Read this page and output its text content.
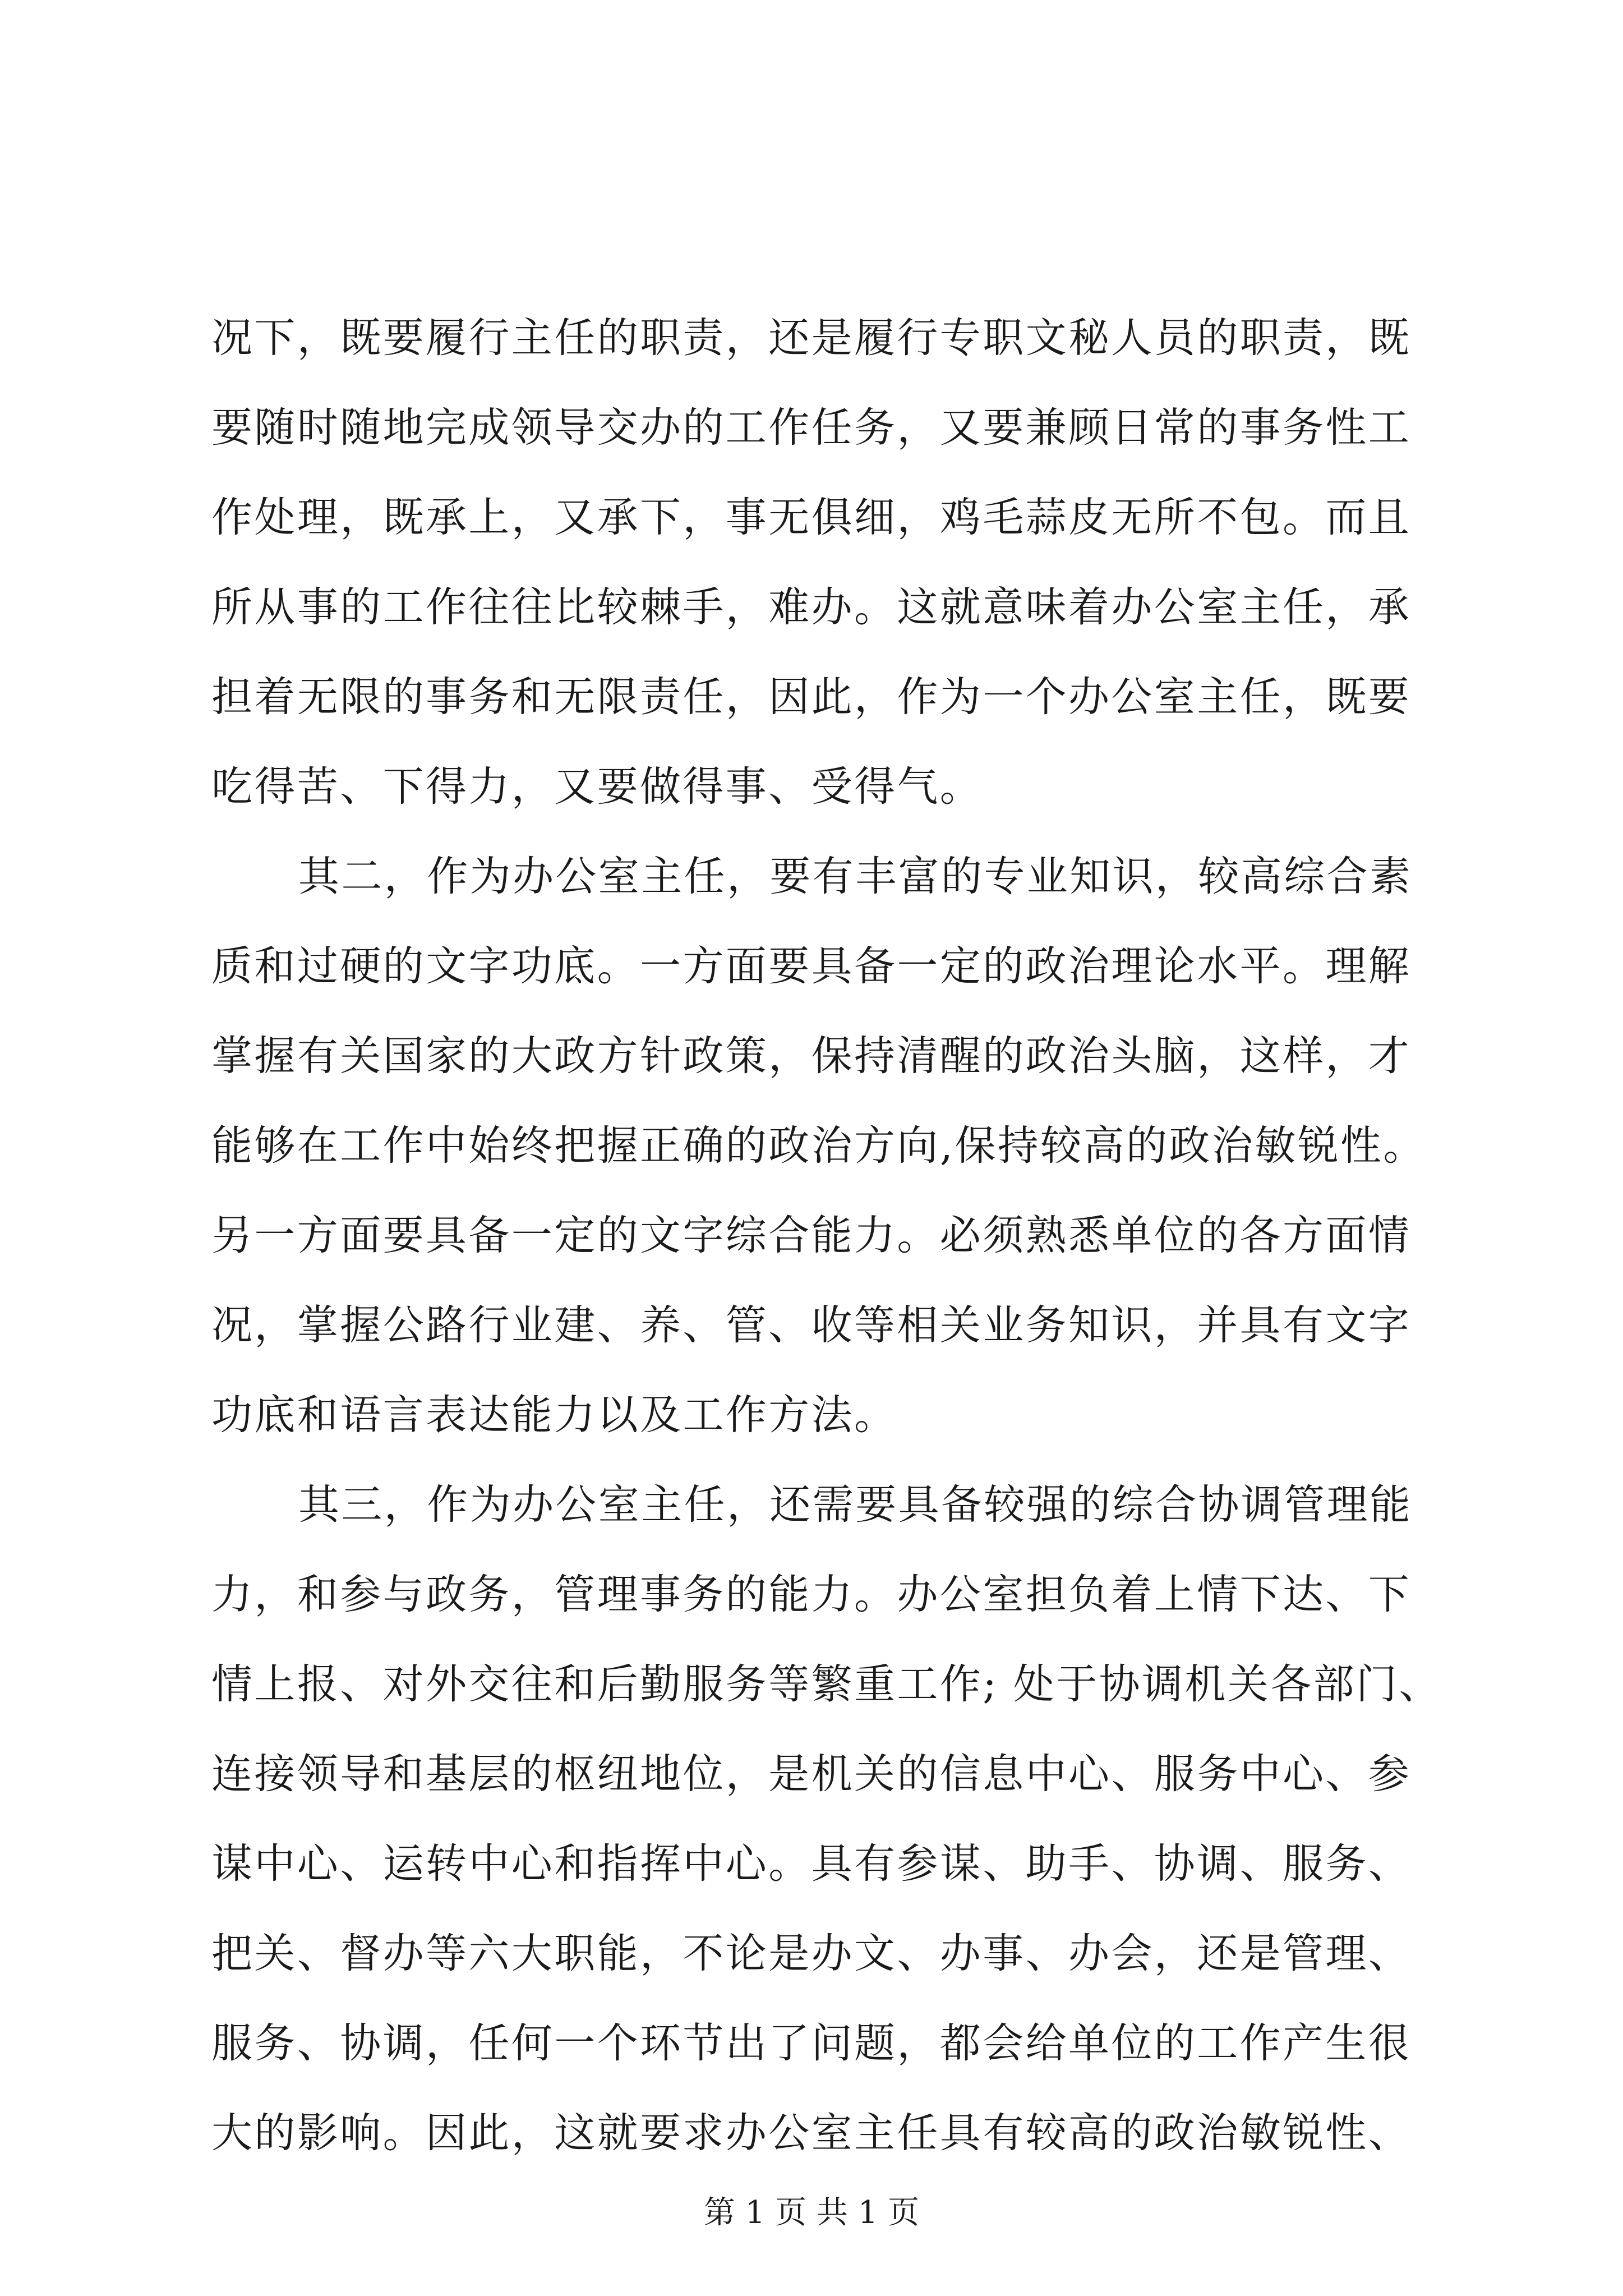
况下，既要履行主任的职责，还是履行专职文秘人员的职责，既
要随时随地完成领导交办的工作任务，又要兼顾日常的事务性工
作处理，既承上，又承下，事无俱细，鸡毛蒜皮无所不包。而且
所从事的工作往往比较棘手，难办。这就意味着办公室主任，承
担着无限的事务和无限责任，因此，作为一个办公室主任，既要
吃得苦、下得力，又要做得事、受得气。
其二，作为办公室主任，要有丰富的专业知识，较高综合素
质和过硬的文字功底。一方面要具备一定的政治理论水平。理解
掌握有关国家的大政方针政策，保持清醒的政治头脑，这样，才
能够在工作中始终把握正确的政治方向,保持较高的政治敏锐性。
另一方面要具备一定的文字综合能力。必须熟悉单位的各方面情
况，掌握公路行业建、养、管、收等相关业务知识，并具有文字
功底和语言表达能力以及工作方法。
其三，作为办公室主任，还需要具备较强的综合协调管理能
力，和参与政务，管理事务的能力。办公室担负着上情下达、下
情上报、对外交往和后勤服务等繁重工作; 处于协调机关各部门、
连接领导和基层的枢纽地位，是机关的信息中心、服务中心、参
谋中心、运转中心和指挥中心。具有参谋、助手、协调、服务、
把关、督办等六大职能，不论是办文、办事、办会，还是管理、
服务、协调，任何一个环节出了问题，都会给单位的工作产生很
大的影响。因此，这就要求办公室主任具有较高的政治敏锐性、
第 1 页 共 1 页
